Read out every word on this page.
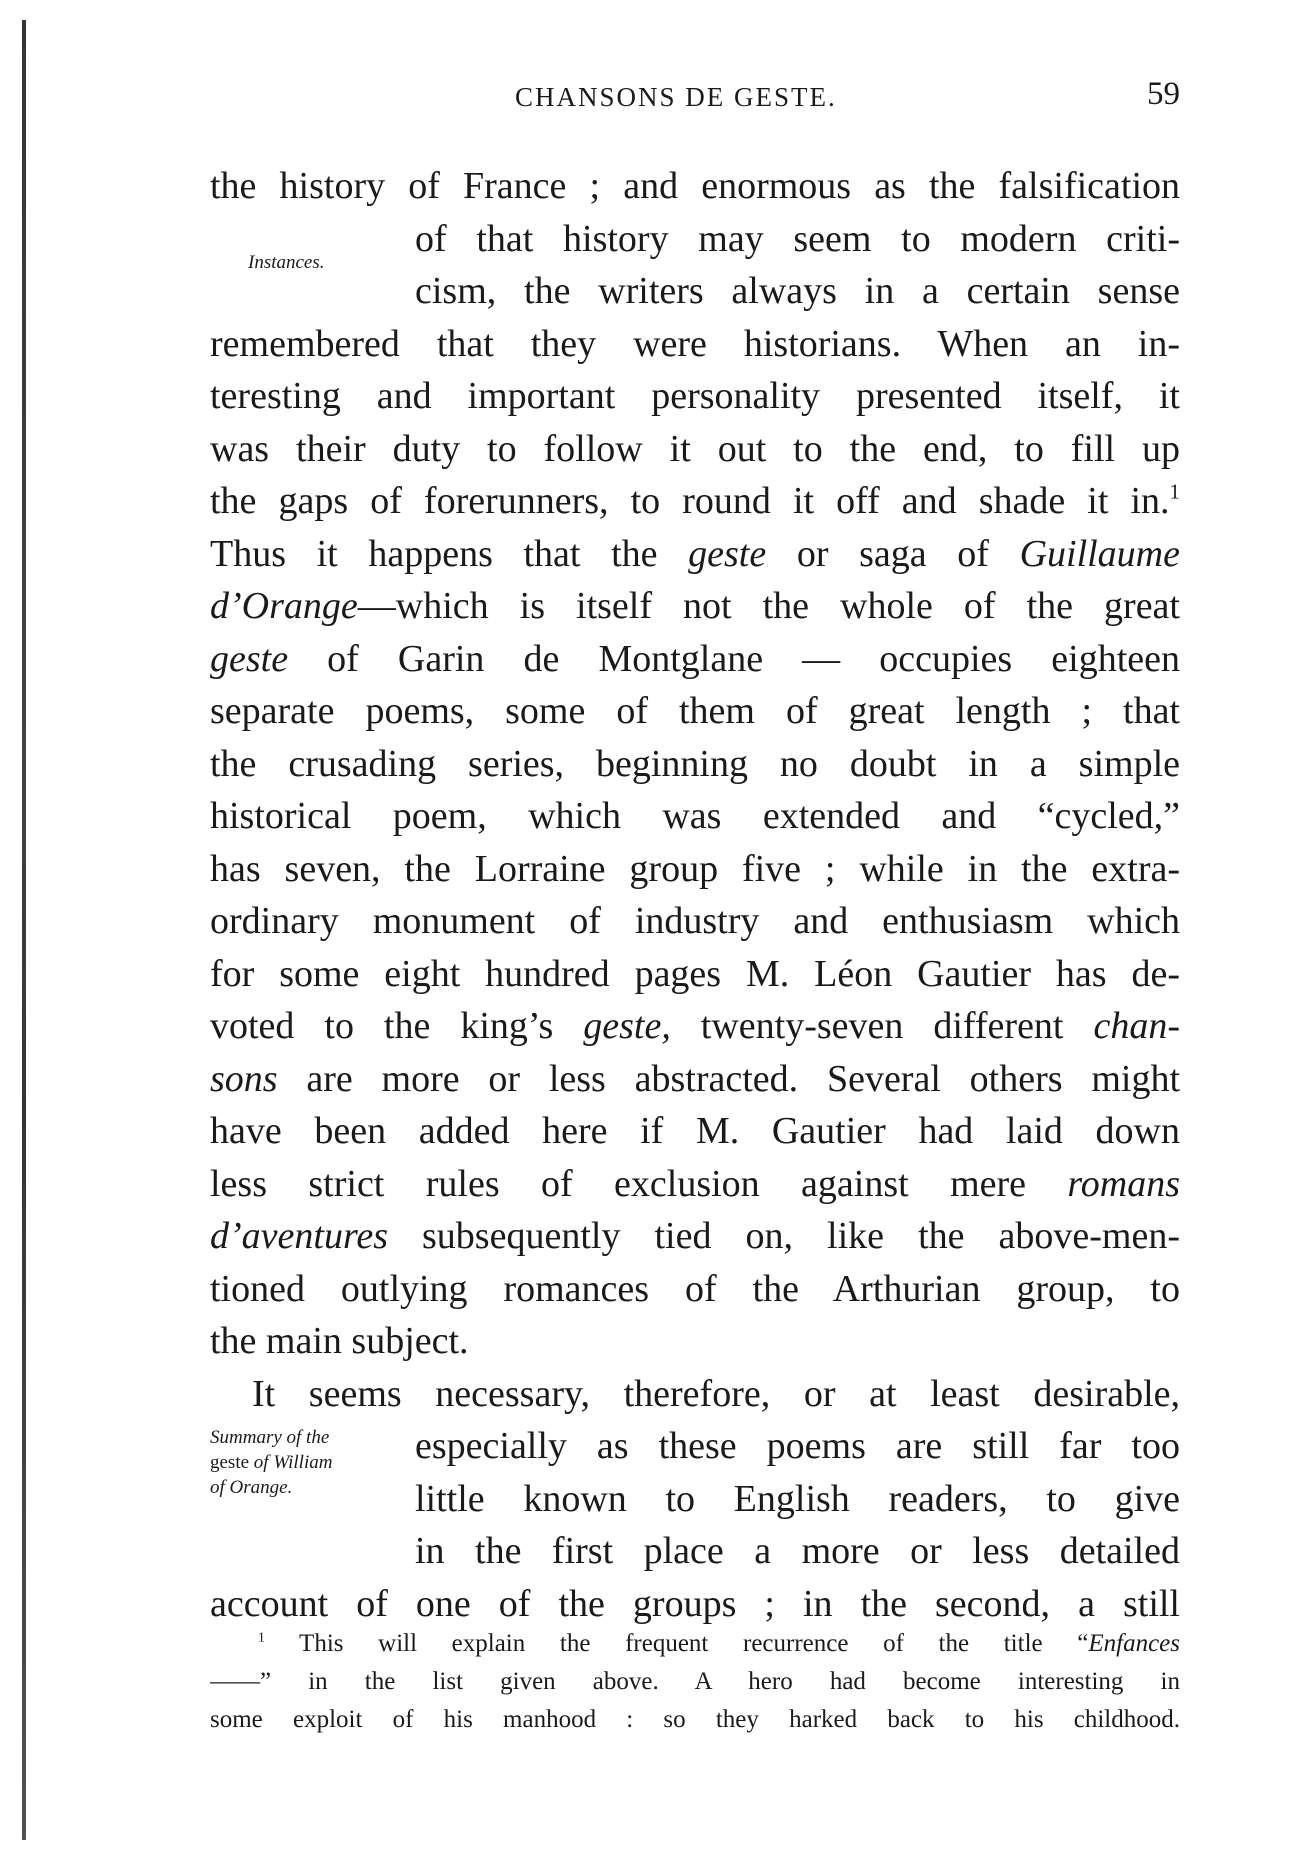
CHANSONS DE GESTE.	59
Instances.
Summary of the
geste of William
of Orange.
the history of France ; and enormous as the falsification
of that history may seem to modern criti-
cism, the writers always in a certain sense
remembered that they were historians. When an in-
teresting and important personality presented itself, it
was their duty to follow it out to the end, to fill up
the gaps of forerunners, to round it off and shade it in.$^1$
Thus it happens that the geste or saga of Guillaume
d’Orange—which is itself not the whole of the great
geste of Garin de Montglane — occupies eighteen
separate poems, some of them of great length ; that
the crusading series, beginning no doubt in a simple
historical poem, which was extended and “cycled,”
has seven, the Lorraine group five ; while in the extra-
ordinary monument of industry and enthusiasm which
for some eight hundred pages M. Léon Gautier has de-
voted to the king’s geste, twenty-seven different chan-
sons are more or less abstracted. Several others might
have been added here if M. Gautier had laid down
less strict rules of exclusion against mere romans
d’aventures subsequently tied on, like the above-men-
tioned outlying romances of the Arthurian group, to
the main subject.
It seems necessary, therefore, or at least desirable,
especially as these poems are still far too
little known to English readers, to give
in the first place a more or less detailed
account of one of the groups ; in the second, a still
$^1$ This will explain the frequent recurrence of the title “Enfances
——” in the list given above. A hero had become interesting in
some exploit of his manhood : so they harked back to his childhood.
